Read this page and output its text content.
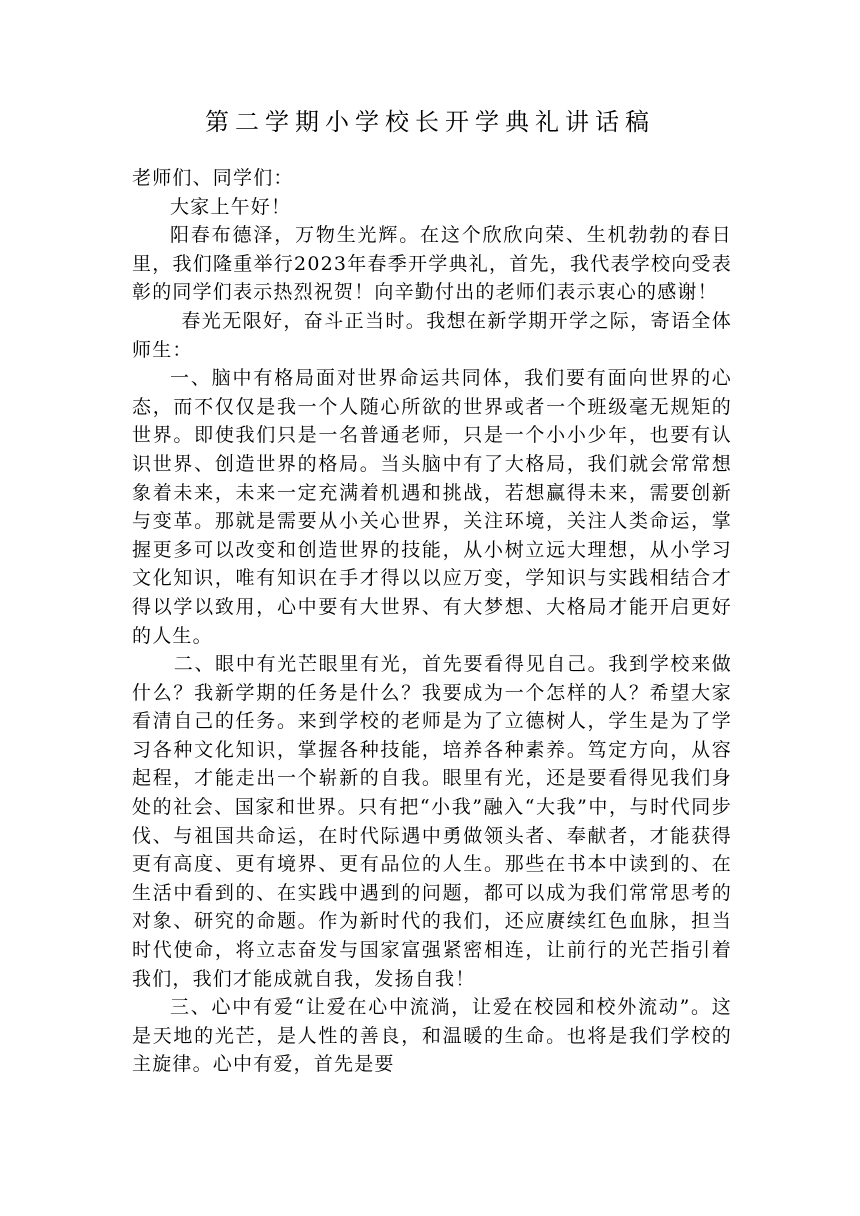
第二学期小学校长开学典礼讲话稿

老师们、同学们：

大家上午好！

阳春布德泽，万物生光辉。在这个欣欣向荣、生机勃勃的春日里，我们隆重举行2023年春季开学典礼，首先，我代表学校向受表彰的同学们表示热烈祝贺！向辛勤付出的老师们表示衷心的感谢！

春光无限好，奋斗正当时。我想在新学期开学之际，寄语全体师生：

一、脑中有格局面对世界命运共同体，我们要有面向世界的心态，而不仅仅是我一个人随心所欲的世界或者一个班级毫无规矩的世界。即使我们只是一名普通老师，只是一个小小少年，也要有认识世界、创造世界的格局。当头脑中有了大格局，我们就会常常想象着未来，未来一定充满着机遇和挑战，若想赢得未来，需要创新与变革。那就是需要从小关心世界，关注环境，关注人类命运，掌握更多可以改变和创造世界的技能，从小树立远大理想，从小学习文化知识，唯有知识在手才得以以应万变，学知识与实践相结合才得以学以致用，心中要有大世界、有大梦想、大格局才能开启更好的人生。

二、眼中有光芒眼里有光，首先要看得见自己。我到学校来做什么？我新学期的任务是什么？我要成为一个怎样的人？希望大家看清自己的任务。来到学校的老师是为了立德树人，学生是为了学习各种文化知识，掌握各种技能，培养各种素养。笃定方向，从容起程，才能走出一个崭新的自我。眼里有光，还是要看得见我们身处的社会、国家和世界。只有把“小我”融入“大我”中，与时代同步伐、与祖国共命运，在时代际遇中勇做领头者、奉献者，才能获得更有高度、更有境界、更有品位的人生。那些在书本中读到的、在生活中看到的、在实践中遇到的问题，都可以成为我们常常思考的对象、研究的命题。作为新时代的我们，还应赓续红色血脉，担当时代使命，将立志奋发与国家富强紧密相连，让前行的光芒指引着我们，我们才能成就自我，发扬自我！

三、心中有爱“让爱在心中流淌，让爱在校园和校外流动”。这是天地的光芒，是人性的善良，和温暖的生命。也将是我们学校的主旋律。心中有爱，首先是要
